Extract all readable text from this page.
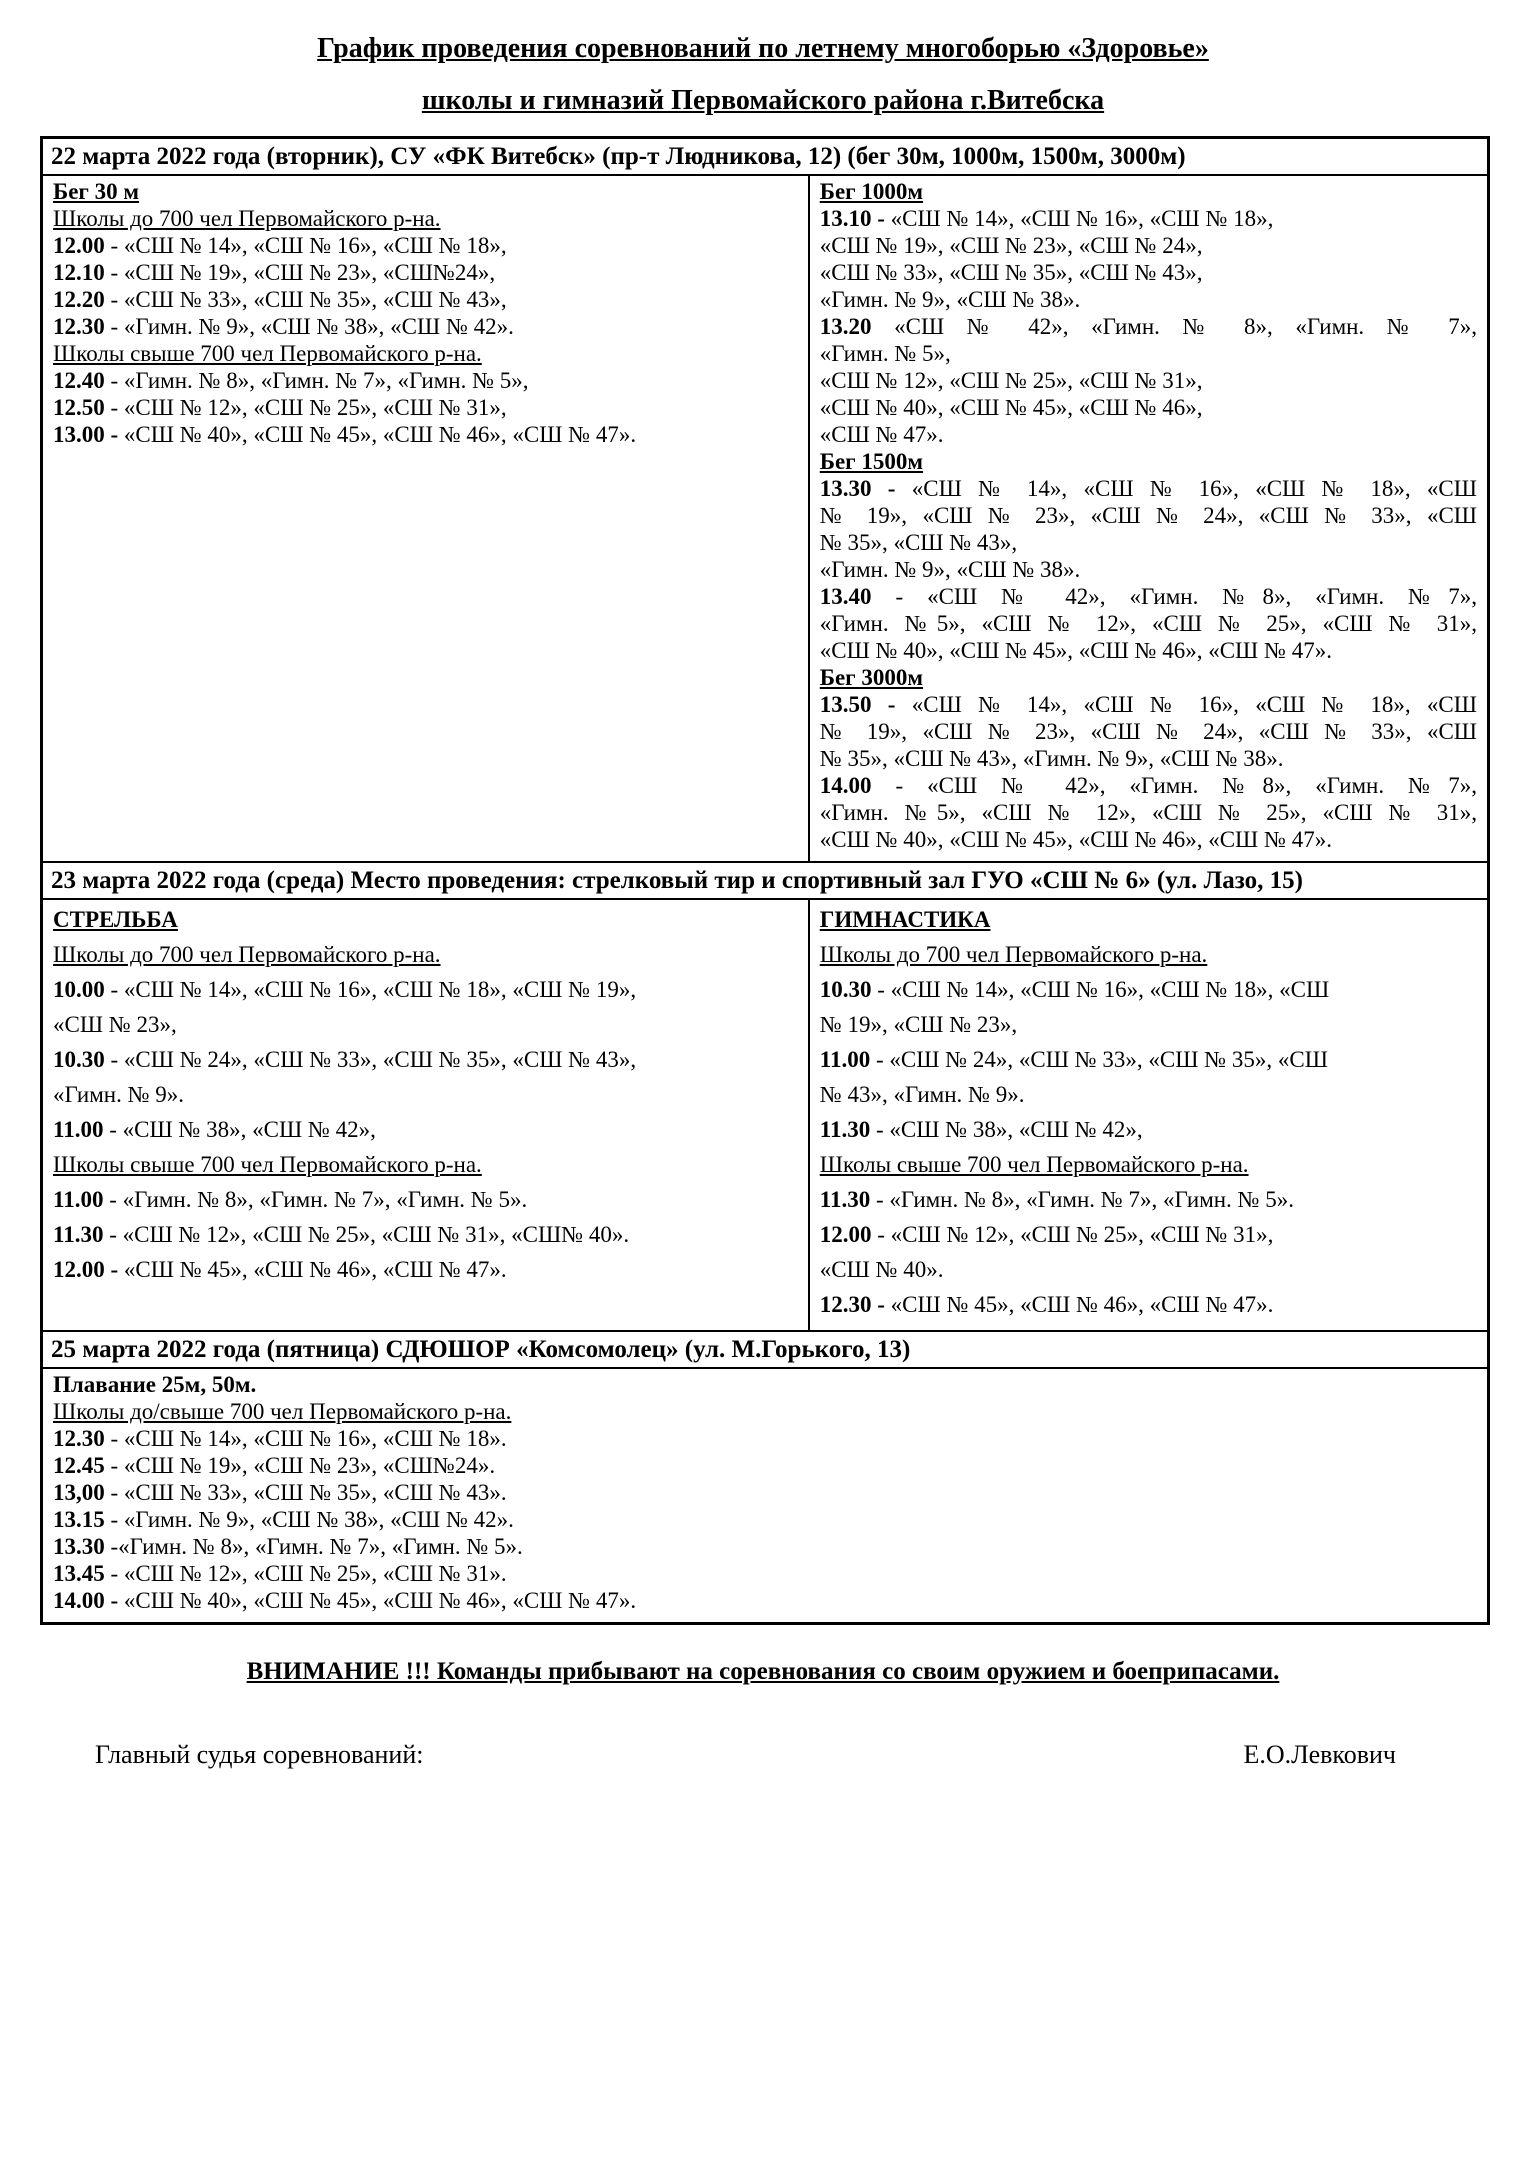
График проведения соревнований по летнему многоборью «Здоровье»
школы и гимназий Первомайского района г.Витебска
22 марта 2022 года (вторник), СУ «ФК Витебск» (пр-т Людникова, 12) (бег 30м, 1000м, 1500м, 3000м)
Бег 30 м
Школы до 700 чел Первомайского р-на.
12.00 - «СШ № 14», «СШ № 16», «СШ № 18»,
12.10 - «СШ № 19», «СШ № 23», «СШ№24»,
12.20 - «СШ № 33», «СШ № 35», «СШ № 43»,
12.30 - «Гимн. № 9», «СШ № 38», «СШ № 42».
Школы свыше 700 чел Первомайского р-на.
12.40 - «Гимн. № 8», «Гимн. № 7», «Гимн. № 5»,
12.50 - «СШ № 12», «СШ № 25», «СШ № 31»,
13.00 - «СШ № 40», «СШ № 45», «СШ № 46», «СШ № 47».
Бег 1000м
13.10 - «СШ № 14», «СШ № 16», «СШ № 18»,
«СШ № 19», «СШ № 23», «СШ № 24»,
«СШ № 33», «СШ № 35», «СШ № 43»,
«Гимн. № 9», «СШ № 38».
13.20 «СШ № 42», «Гимн. № 8», «Гимн. № 7»,
«Гимн. № 5»,
«СШ № 12», «СШ № 25», «СШ № 31»,
«СШ № 40», «СШ № 45», «СШ № 46»,
«СШ № 47».
Бег 1500м
13.30 - «СШ № 14», «СШ № 16», «СШ № 18», «СШ
№ 19», «СШ № 23», «СШ № 24», «СШ № 33», «СШ
№ 35», «СШ № 43»,
«Гимн. № 9», «СШ № 38».
13.40 - «СШ № 42», «Гимн. №8», «Гимн. №7»,
«Гимн. №5», «СШ № 12», «СШ № 25», «СШ № 31»,
«СШ № 40», «СШ № 45», «СШ № 46», «СШ № 47».
Бег 3000м
13.50 - «СШ № 14», «СШ № 16», «СШ № 18», «СШ
№ 19», «СШ № 23», «СШ № 24», «СШ № 33», «СШ
№ 35», «СШ № 43», «Гимн. № 9», «СШ № 38».
14.00 - «СШ № 42», «Гимн. №8», «Гимн. №7»,
«Гимн. №5», «СШ № 12», «СШ № 25», «СШ № 31»,
«СШ № 40», «СШ № 45», «СШ № 46», «СШ № 47».
23 марта 2022 года (среда) Место проведения: стрелковый тир и спортивный зал ГУО «СШ № 6» (ул. Лазо, 15)
СТРЕЛЬБА
Школы до 700 чел Первомайского р-на.
10.00 - «СШ № 14», «СШ № 16», «СШ № 18», «СШ № 19»,
«СШ № 23»,
10.30 - «СШ № 24», «СШ № 33», «СШ № 35», «СШ № 43»,
«Гимн. № 9».
11.00 - «СШ № 38», «СШ № 42»,
Школы свыше 700 чел Первомайского р-на.
11.00 - «Гимн. № 8», «Гимн. № 7», «Гимн. № 5».
11.30 - «СШ № 12», «СШ № 25», «СШ № 31», «СШ№ 40».
12.00 - «СШ № 45», «СШ № 46», «СШ № 47».
ГИМНАСТИКА
Школы до 700 чел Первомайского р-на.
10.30 - «СШ № 14», «СШ № 16», «СШ № 18», «СШ
№ 19», «СШ № 23»,
11.00 - «СШ № 24», «СШ № 33», «СШ № 35», «СШ
№ 43», «Гимн. № 9».
11.30 - «СШ № 38», «СШ № 42»,
Школы свыше 700 чел Первомайского р-на.
11.30 - «Гимн. № 8», «Гимн. № 7», «Гимн. № 5».
12.00 - «СШ № 12», «СШ № 25», «СШ № 31»,
«СШ № 40».
12.30 - «СШ № 45», «СШ № 46», «СШ № 47».
25 марта 2022 года (пятница) СДЮШОР «Комсомолец» (ул. М.Горького, 13)
Плавание 25м, 50м.
Школы до/свыше 700 чел Первомайского р-на.
12.30 - «СШ № 14», «СШ № 16», «СШ № 18».
12.45 - «СШ № 19», «СШ № 23», «СШ№24».
13,00 - «СШ № 33», «СШ № 35», «СШ № 43».
13.15 - «Гимн. № 9», «СШ № 38», «СШ № 42».
13.30 -«Гимн. № 8», «Гимн. № 7», «Гимн. № 5».
13.45 - «СШ № 12», «СШ № 25», «СШ № 31».
14.00 - «СШ № 40», «СШ № 45», «СШ № 46», «СШ № 47».
ВНИМАНИЕ !!! Команды прибывают на соревнования со своим оружием и боеприпасами.
Главный судья соревнований:	Е.О.Левкович
